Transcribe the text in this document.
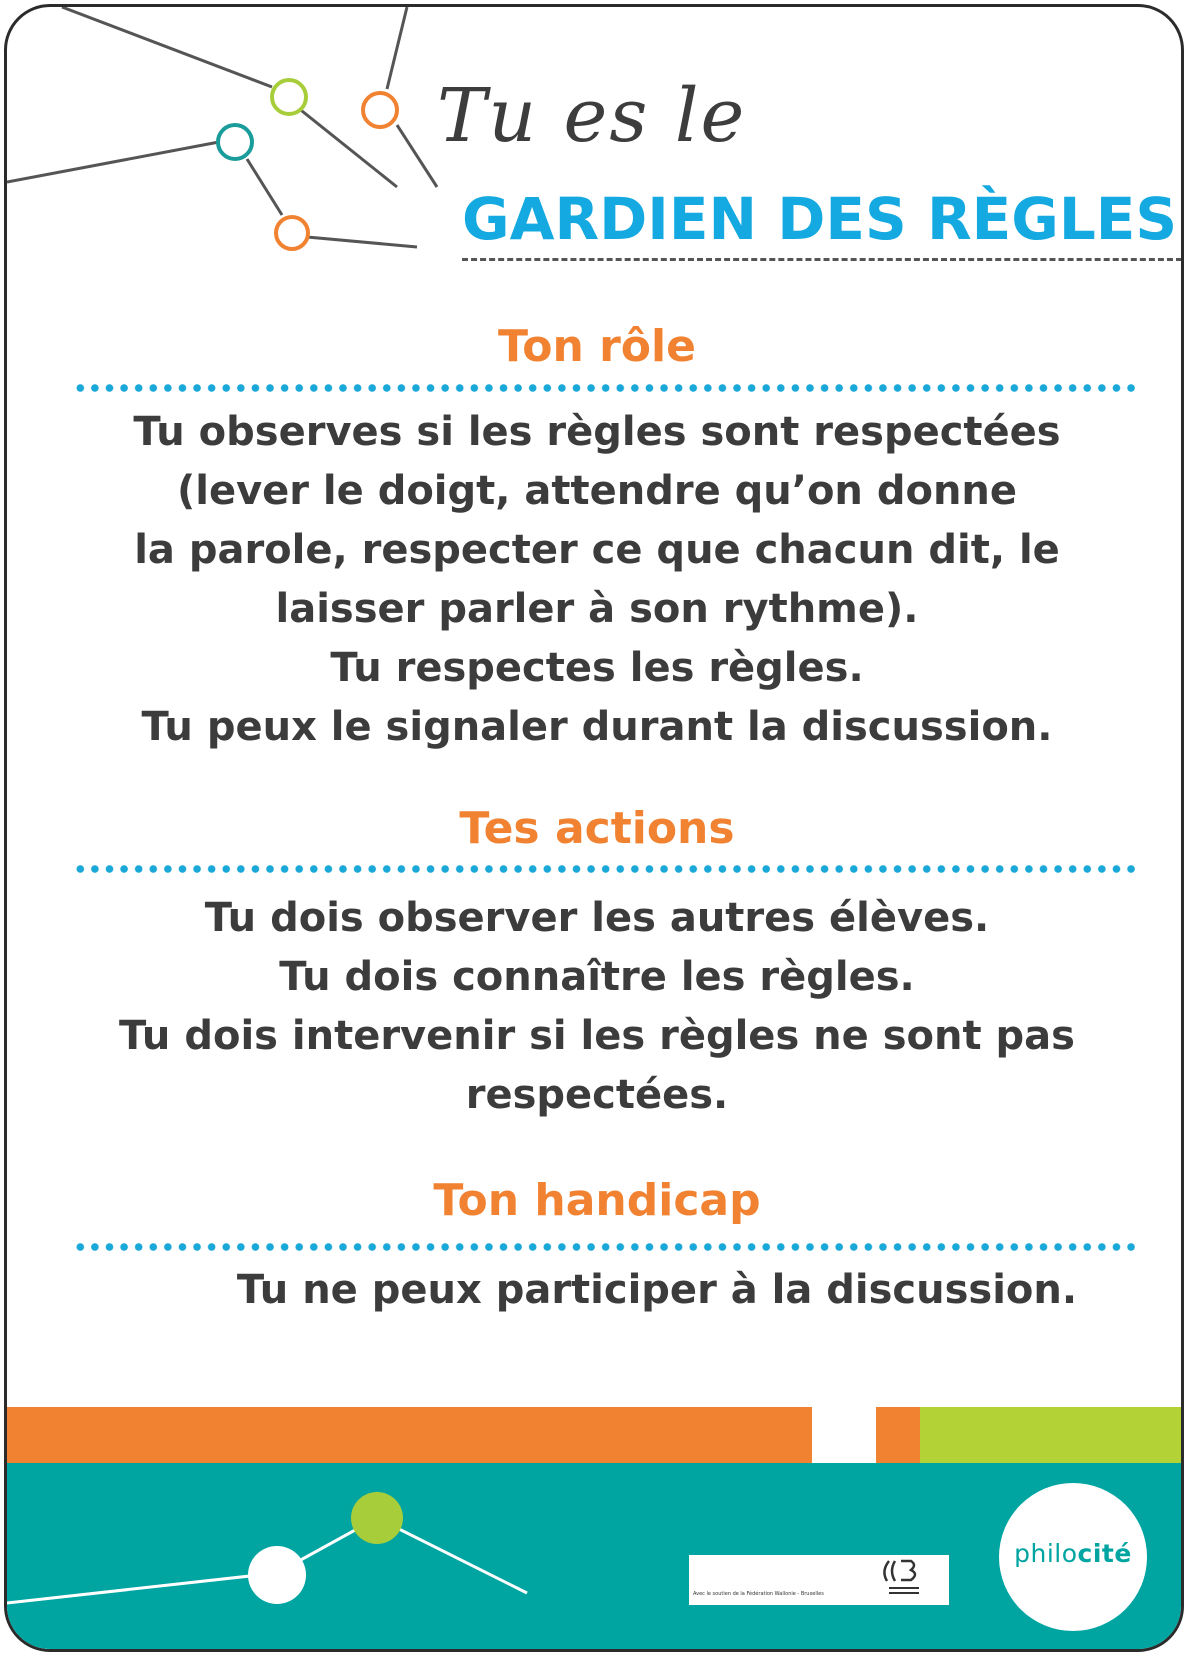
Tu es le
GARDIEN DES RÈGLES
Ton rôle
Tu observes si les règles sont respectées
(lever le doigt, attendre qu’on donne
la parole, respecter ce que chacun dit, le
laisser parler à son rythme).
Tu respectes les règles.
Tu peux le signaler durant la discussion.
Tes actions
Tu dois observer les autres élèves.
Tu dois connaître les règles.
Tu dois intervenir si les règles ne sont pas
respectées.
Ton handicap
Tu ne peux participer à la discussion.
Avec le soutien de la Fédération Wallonie - Bruxelles
philocité
